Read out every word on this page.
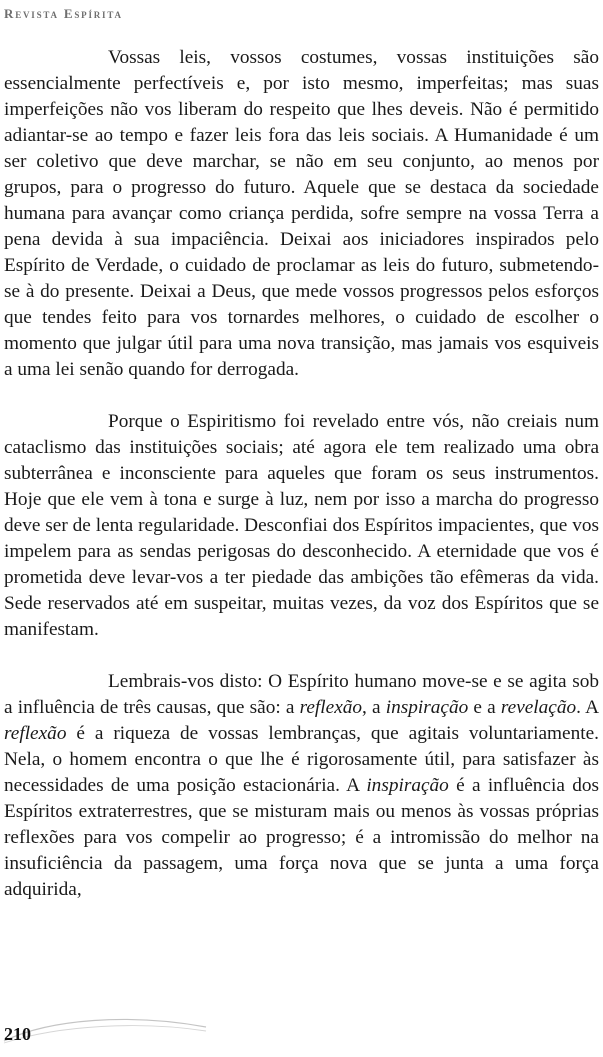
Revista Espírita

Vossas leis, vossos costumes, vossas instituições são essencialmente perfectíveis e, por isto mesmo, imperfeitas; mas suas imperfeições não vos liberam do respeito que lhes deveis. Não é permitido adiantar-se ao tempo e fazer leis fora das leis sociais. A Humanidade é um ser coletivo que deve marchar, se não em seu conjunto, ao menos por grupos, para o progresso do futuro. Aquele que se destaca da sociedade humana para avançar como criança perdida, sofre sempre na vossa Terra a pena devida à sua impaciência. Deixai aos iniciadores inspirados pelo Espírito de Verdade, o cuidado de proclamar as leis do futuro, submetendo-se à do presente. Deixai a Deus, que mede vossos progressos pelos esforços que tendes feito para vos tornardes melhores, o cuidado de escolher o momento que julgar útil para uma nova transição, mas jamais vos esquiveis a uma lei senão quando for derrogada.

Porque o Espiritismo foi revelado entre vós, não creiais num cataclismo das instituições sociais; até agora ele tem realizado uma obra subterrânea e inconsciente para aqueles que foram os seus instrumentos. Hoje que ele vem à tona e surge à luz, nem por isso a marcha do progresso deve ser de lenta regularidade. Desconfiai dos Espíritos impacientes, que vos impelem para as sendas perigosas do desconhecido. A eternidade que vos é prometida deve levar-vos a ter piedade das ambições tão efêmeras da vida. Sede reservados até em suspeitar, muitas vezes, da voz dos Espíritos que se manifestam.

Lembrais-vos disto: O Espírito humano move-se e se agita sob a influência de três causas, que são: a reflexão, a inspiração e a revelação. A reflexão é a riqueza de vossas lembranças, que agitais voluntariamente. Nela, o homem encontra o que lhe é rigorosamente útil, para satisfazer às necessidades de uma posição estacionária. A inspiração é a influência dos Espíritos extraterrestres, que se misturam mais ou menos às vossas próprias reflexões para vos compelir ao progresso; é a intromissão do melhor na insuficiência da passagem, uma força nova que se junta a uma força adquirida,

210
